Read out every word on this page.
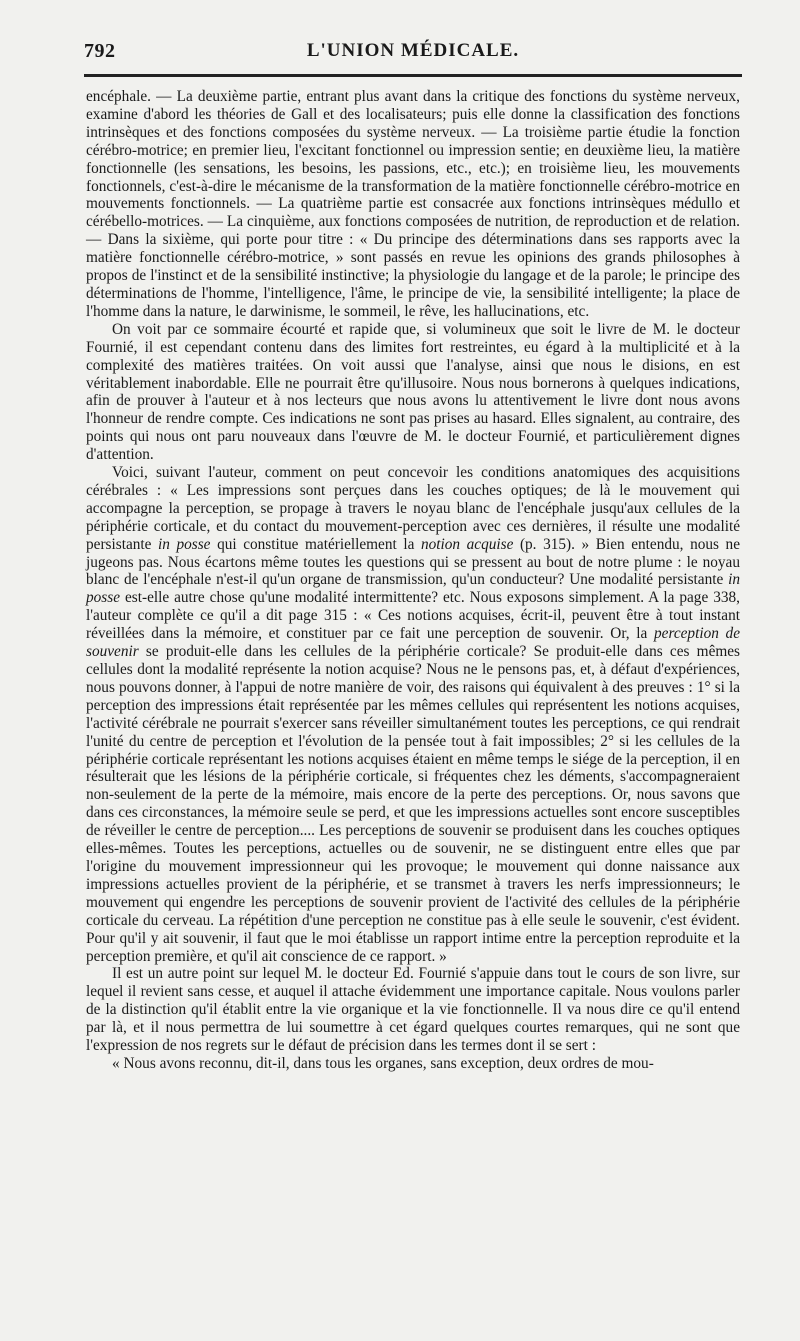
792	L'UNION MÉDICALE.

encéphale. — La deuxième partie, entrant plus avant dans la critique des fonctions du système nerveux, examine d'abord les théories de Gall et des localisateurs; puis elle donne la classification des fonctions intrinsèques et des fonctions composées du système nerveux. — La troisième partie étudie la fonction cérébro-motrice; en premier lieu, l'excitant fonctionnel ou impression sentie; en deuxième lieu, la matière fonctionnelle (les sensations, les besoins, les passions, etc., etc.); en troisième lieu, les mouvements fonctionnels, c'est-à-dire le mécanisme de la transformation de la matière fonctionnelle cérébro-motrice en mouvements fonctionnels. — La quatrième partie est consacrée aux fonctions intrinsèques médullo et cérébello-motrices. — La cinquième, aux fonctions composées de nutrition, de reproduction et de relation. — Dans la sixième, qui porte pour titre : « Du principe des déterminations dans ses rapports avec la matière fonctionnelle cérébro-motrice, » sont passés en revue les opinions des grands philosophes à propos de l'instinct et de la sensibilité instinctive; la physiologie du langage et de la parole; le principe des déterminations de l'homme, l'intelligence, l'âme, le principe de vie, la sensibilité intelligente; la place de l'homme dans la nature, le darwinisme, le sommeil, le rêve, les hallucinations, etc.

On voit par ce sommaire écourté et rapide que, si volumineux que soit le livre de M. le docteur Fournié, il est cependant contenu dans des limites fort restreintes, eu égard à la multiplicité et à la complexité des matières traitées. On voit aussi que l'analyse, ainsi que nous le disions, en est véritablement inabordable. Elle ne pourrait être qu'illusoire. Nous nous bornerons à quelques indications, afin de prouver à l'auteur et à nos lecteurs que nous avons lu attentivement le livre dont nous avons l'honneur de rendre compte. Ces indications ne sont pas prises au hasard. Elles signalent, au contraire, des points qui nous ont paru nouveaux dans l'œuvre de M. le docteur Fournié, et particulièrement dignes d'attention.

Voici, suivant l'auteur, comment on peut concevoir les conditions anatomiques des acquisitions cérébrales : « Les impressions sont perçues dans les couches optiques; de là le mouvement qui accompagne la perception, se propage à travers le noyau blanc de l'encéphale jusqu'aux cellules de la périphérie corticale, et du contact du mouvement-perception avec ces dernières, il résulte une modalité persistante in posse qui constitue matériellement la notion acquise (p. 315). » Bien entendu, nous ne jugeons pas. Nous écartons même toutes les questions qui se pressent au bout de notre plume : le noyau blanc de l'encéphale n'est-il qu'un organe de transmission, qu'un conducteur? Une modalité persistante in posse est-elle autre chose qu'une modalité intermittente? etc. Nous exposons simplement. A la page 338, l'auteur complète ce qu'il a dit page 315 : « Ces notions acquises, écrit-il, peuvent être à tout instant réveillées dans la mémoire, et constituer par ce fait une perception de souvenir. Or, la perception de souvenir se produit-elle dans les cellules de la périphérie corticale? Se produit-elle dans ces mêmes cellules dont la modalité représente la notion acquise? Nous ne le pensons pas, et, à défaut d'expériences, nous pouvons donner, à l'appui de notre manière de voir, des raisons qui équivalent à des preuves : 1° si la perception des impressions était représentée par les mêmes cellules qui représentent les notions acquises, l'activité cérébrale ne pourrait s'exercer sans réveiller simultanément toutes les perceptions, ce qui rendrait l'unité du centre de perception et l'évolution de la pensée tout à fait impossibles; 2° si les cellules de la périphérie corticale représentant les notions acquises étaient en même temps le siége de la perception, il en résulterait que les lésions de la périphérie corticale, si fréquentes chez les déments, s'accompagneraient non-seulement de la perte de la mémoire, mais encore de la perte des perceptions. Or, nous savons que dans ces circonstances, la mémoire seule se perd, et que les impressions actuelles sont encore susceptibles de réveiller le centre de perception.... Les perceptions de souvenir se produisent dans les couches optiques elles-mêmes. Toutes les perceptions, actuelles ou de souvenir, ne se distinguent entre elles que par l'origine du mouvement impressionneur qui les provoque; le mouvement qui donne naissance aux impressions actuelles provient de la périphérie, et se transmet à travers les nerfs impressionneurs; le mouvement qui engendre les perceptions de souvenir provient de l'activité des cellules de la périphérie corticale du cerveau. La répétition d'une perception ne constitue pas à elle seule le souvenir, c'est évident. Pour qu'il y ait souvenir, il faut que le moi établisse un rapport intime entre la perception reproduite et la perception première, et qu'il ait conscience de ce rapport. »

Il est un autre point sur lequel M. le docteur Ed. Fournié s'appuie dans tout le cours de son livre, sur lequel il revient sans cesse, et auquel il attache évidemment une importance capitale. Nous voulons parler de la distinction qu'il établit entre la vie organique et la vie fonctionnelle. Il va nous dire ce qu'il entend par là, et il nous permettra de lui soumettre à cet égard quelques courtes remarques, qui ne sont que l'expression de nos regrets sur le défaut de précision dans les termes dont il se sert :

« Nous avons reconnu, dit-il, dans tous les organes, sans exception, deux ordres de mou-
